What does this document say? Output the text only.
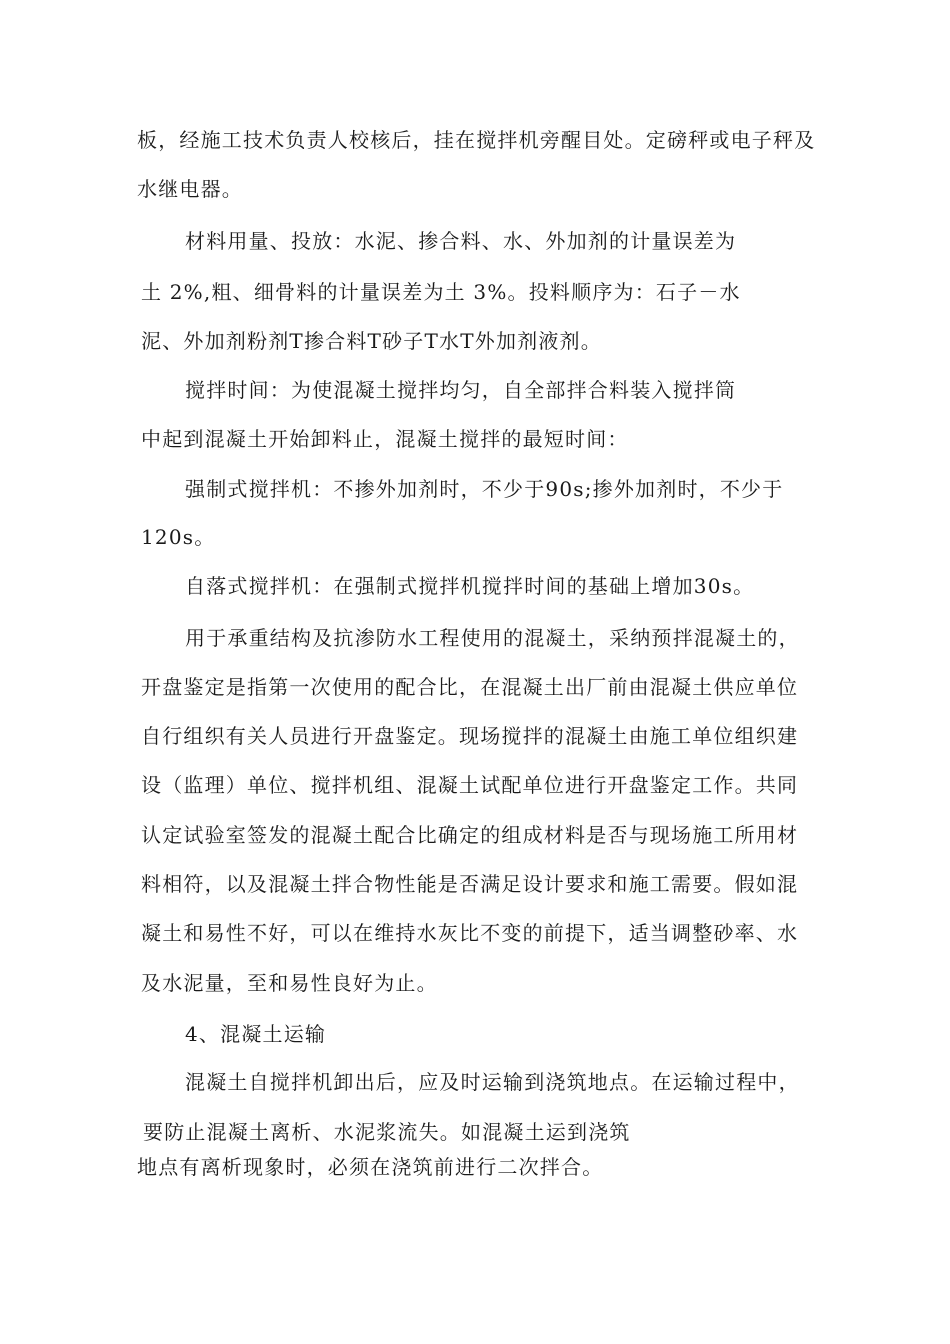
板，经施工技术负责人校核后，挂在搅拌机旁醒目处。定磅秤或电子秤及
水继电器。
材料用量、投放：水泥、掺合料、水、外加剂的计量误差为
土 2%,粗、细骨料的计量误差为土 3%。投料顺序为：石子－水
泥、外加剂粉剂T掺合料T砂子T水T外加剂液剂。
搅拌时间：为使混凝土搅拌均匀，自全部拌合料装入搅拌筒
中起到混凝土开始卸料止，混凝土搅拌的最短时间：
强制式搅拌机：不掺外加剂时，不少于90s;掺外加剂时，不少于
120s。
自落式搅拌机：在强制式搅拌机搅拌时间的基础上增加30s。
用于承重结构及抗渗防水工程使用的混凝土，采纳预拌混凝土的，
开盘鉴定是指第一次使用的配合比，在混凝土出厂前由混凝土供应单位
自行组织有关人员进行开盘鉴定。现场搅拌的混凝土由施工单位组织建
设（监理）单位、搅拌机组、混凝土试配单位进行开盘鉴定工作。共同
认定试验室签发的混凝土配合比确定的组成材料是否与现场施工所用材
料相符，以及混凝土拌合物性能是否满足设计要求和施工需要。假如混
凝土和易性不好，可以在维持水灰比不变的前提下，适当调整砂率、水
及水泥量，至和易性良好为止。
4、混凝土运输
混凝土自搅拌机卸出后，应及时运输到浇筑地点。在运输过程中，
要防止混凝土离析、水泥浆流失。如混凝土运到浇筑
地点有离析现象时，必须在浇筑前进行二次拌合。
